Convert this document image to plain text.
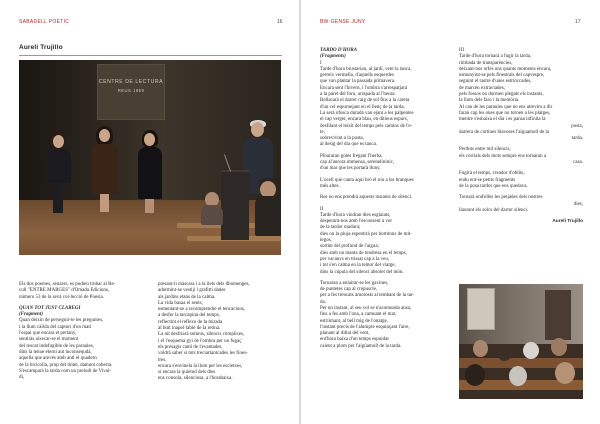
SABADELL POÈTIC	16
Aureli Trujillo
CENTRE DE LECTURA
REUS 1859

Els dos poemes, senzers, es podien trobar al Re-

cull "ENTRE MARGES" d'Omada Edicions,

número 53 de la sevà col·lecció de Poesia.

QUAN TOT JUST CLAREGI

(Fragment)

Quan deixin de perseguir-te les preguntes,

i la llum càlida del capturi d'un matí

l'espai que encara et pertany,

sentiràs aixecar-se el moment

del rescat indefugible de les paraules,

dins la tenue eterni aut inconsequdá,

aquella que arevés amb anti el quadern

de la bicicolla, prop del tintel, damunt coberta.

S'escamparà la tarda com un preludi de Vival-

di,

presant-li màscara i a la ilets dels dhomenges,

adormint-se vestiji l grafitti dades

als jardins etans de la calma.

La vida basaa el sents,

esmentant-se a recomprendre el tencacions,

a desfer la tarcapina del temps,

reflectint el reflexo de la mirada

al buit inapel·lable de la retina.

La nit desfriarà somnis, silencis còmplices,

i el l'esquema gyi de l'ombra per un fugaç

els presagis camí de l'evantades,

voldrà saber si tots treciartantcades les fines-

tres,

encara s'envinela la llum per les escletxes,

si encara la quietud dels dies

ens consola, silenciosa, a l'horabaixa.

BW·GENSE JUNY	17

TARDO D'HORA

(Fragments)

I

Tarde d'hora brustarian, al jardí, vent la tanca,

gerreix vermella, d'aquells esquerdes

que van plantar la passada primavera.

Encara sent l'hivern, i l'ombra s'arrespatjará

a la paret del forn, arrapada al l'heura.

Bellacarà el darrer raig de sol fins a la careta

d'un cel espurnejant en el llenç de la tarda.

La serà ofusca durada van ejant a les palpentes

el cap verger, encara blau, en dítieus espurs,

desfilant el teixit del temps pels camins de l'e-

te,

sobrevivint a la posta,

al desig del dia que es tanca.

Plouraran gotes fregant l'herba,

cap al'aurora immensa, serenelíninic,

d'un mar que les portarà lluny.

L'ocell que canta aqui brò el niu a les branques

més altes.

Res no ens prendrà aquests instants de silenci.

II

Tarde d'hora vindran dies esglaiats,

desperant-nos amb l'esconsent a vor

de la tardor madura;

dies on la pluja espentirà per hortitons de mit-

tegos,

sortint del profund de l'aigua;

dies amb un manta de tendresa en el temps,

per vacanys en trissat cap a la veu,

i tot s'en calma en la temor del viatge,

dins la cúpula del silenci absolet del món.

Tornaran a enlairar-se les gavines,

de puntetes cap al crepuscle,

per a fes trencats amorosts al tembant de la tar-

da.

Per un instant, al seu vol se n'acomunda ansa,

fins a fes amb l'ona, a camuant el mar,

estriimant, al bell mig de l'onatge,

l'instant precís de l'alumpre esquinçant l'aire,

planant al ditlat del vent,

ent'hora baixa d'un temps espuidat

caient a plom per l'aigüamoll de la tarda.

III

Tarde d'hora tornarà a fugir la tarda,

rimbada de transparències,

deixant-nos orfes uns quants moments encara,

esmunyint-se pels finestrals del capvespre,

seguint el rastre d'unes estrioccades,

de marcen extraviades,

pels fossos on dormen plegats els instants,

la llum dels faro i la memòria.

Al cau de les paraules que no ens atrevim a dir

faran cap les ones que no tornen a les platges,

mentre s'esbaixa el dia i es pansa infinita la

posta,

darrera de cortines blavoses l'aiguamoll de la

tarda.

Perduts entre mil silencis,

els corrials dels mots sempre ens tornaran a

casa.

Fugirà el temps, creador d'oblits,

endu ent-se petits fragments

de la posa tardor que ens quedava.

Tornarà ond'elles les petjades dels nostres

dies,

llaurant els solcs del darrer silenci.

Aureli Trujillo
